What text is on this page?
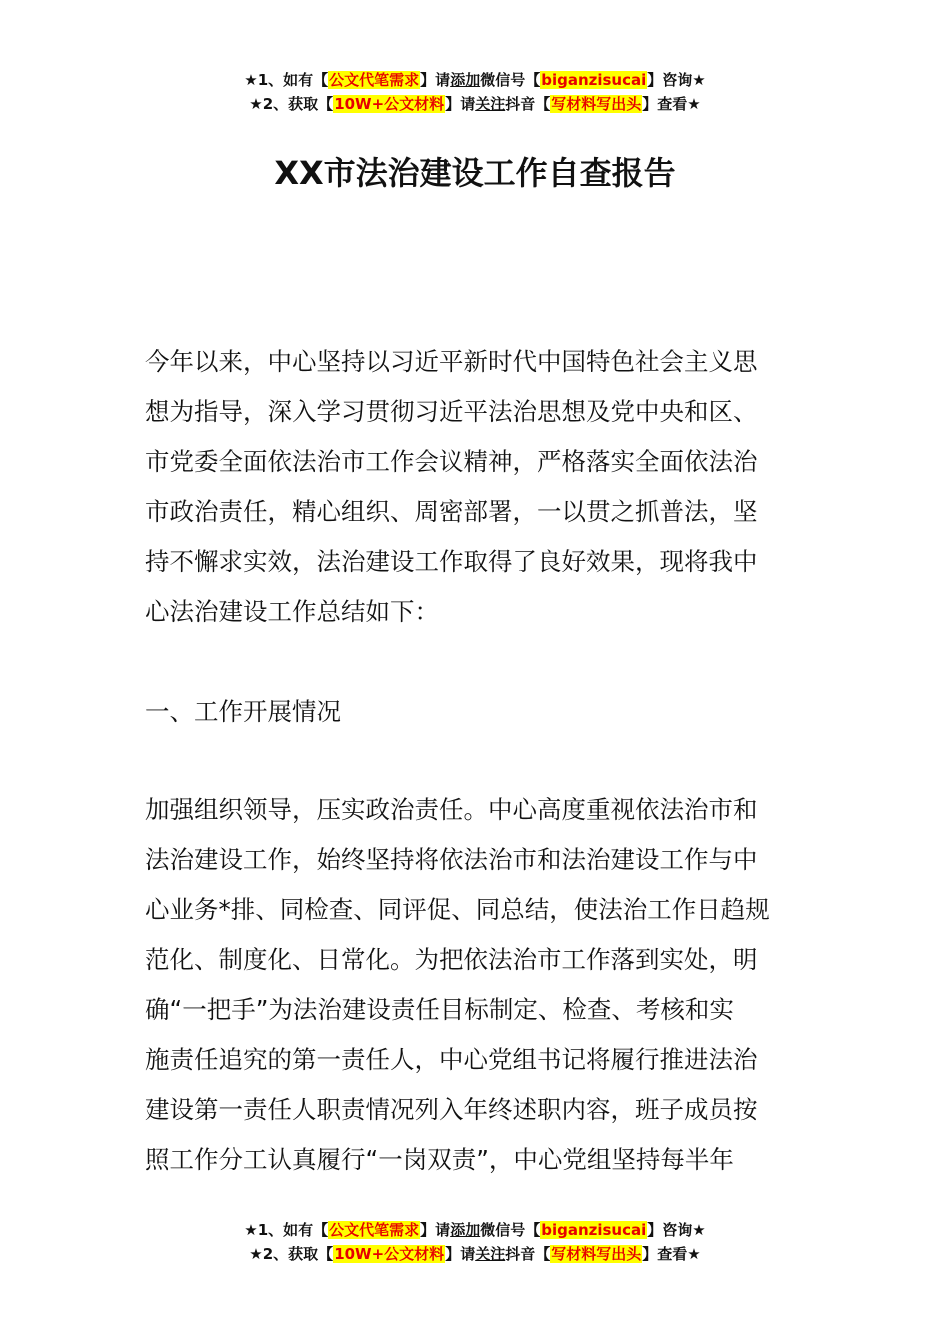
★1、如有【公文代笔需求】请添加微信号【biganzisucai】咨询★
★2、获取【10W+公文材料】请关注抖音【写材料写出头】查看★
XX市法治建设工作自查报告
今年以来，中心坚持以习近平新时代中国特色社会主义思
想为指导，深入学习贯彻习近平法治思想及党中央和区、
市党委全面依法治市工作会议精神，严格落实全面依法治
市政治责任，精心组织、周密部署，一以贯之抓普法，坚
持不懈求实效，法治建设工作取得了良好效果，现将我中
心法治建设工作总结如下：
一、工作开展情况
加强组织领导，压实政治责任。中心高度重视依法治市和
法治建设工作，始终坚持将依法治市和法治建设工作与中
心业务*排、同检查、同评促、同总结，使法治工作日趋规
范化、制度化、日常化。为把依法治市工作落到实处，明
确“一把手”为法治建设责任目标制定、检查、考核和实
施责任追究的第一责任人，中心党组书记将履行推进法治
建设第一责任人职责情况列入年终述职内容，班子成员按
照工作分工认真履行“一岗双责”，中心党组坚持每半年
★1、如有【公文代笔需求】请添加微信号【biganzisucai】咨询★
★2、获取【10W+公文材料】请关注抖音【写材料写出头】查看★
